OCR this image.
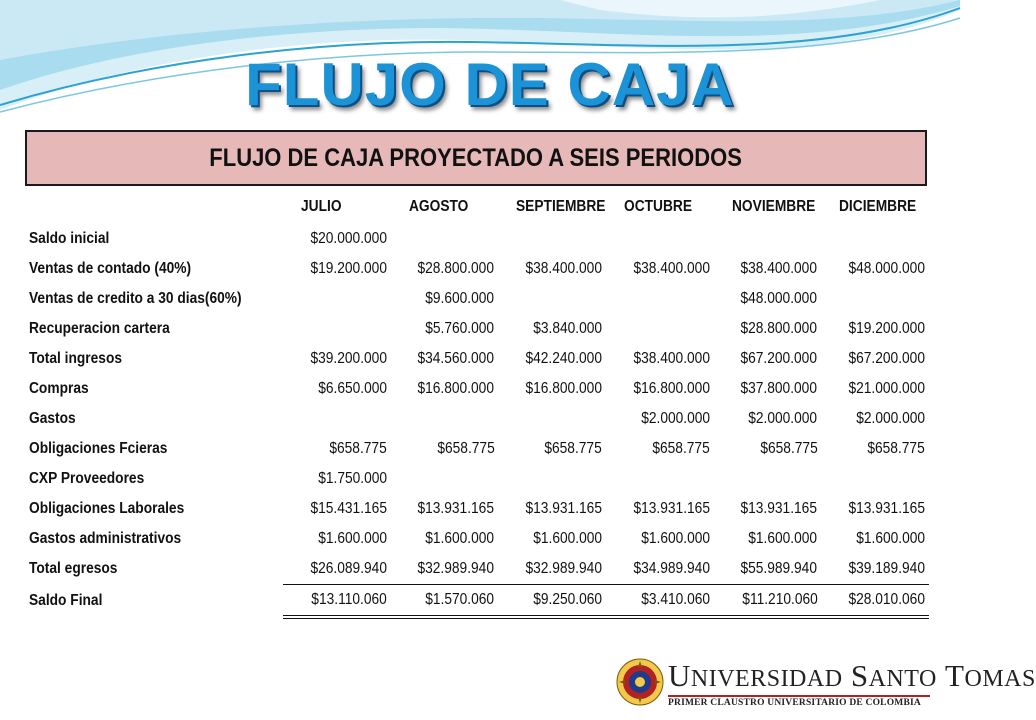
FLUJO DE CAJA
FLUJO DE CAJA PROYECTADO A SEIS PERIODOS
	JULIO	AGOSTO	SEPTIEMBRE	OCTUBRE	NOVIEMBRE	DICIEMBRE
Saldo inicial	$20.000.000					
Ventas de contado (40%)	$19.200.000	$28.800.000	$38.400.000	$38.400.000	$38.400.000	$48.000.000
Ventas de credito a 30 dias(60%)		$9.600.000			$48.000.000	
Recuperacion cartera		$5.760.000	$3.840.000		$28.800.000	$19.200.000
Total ingresos	$39.200.000	$34.560.000	$42.240.000	$38.400.000	$67.200.000	$67.200.000
Compras	$6.650.000	$16.800.000	$16.800.000	$16.800.000	$37.800.000	$21.000.000
Gastos				$2.000.000	$2.000.000	$2.000.000
Obligaciones Fcieras	$658.775	$658.775	$658.775	$658.775	$658.775	$658.775
CXP Proveedores	$1.750.000					
Obligaciones Laborales	$15.431.165	$13.931.165	$13.931.165	$13.931.165	$13.931.165	$13.931.165
Gastos administrativos	$1.600.000	$1.600.000	$1.600.000	$1.600.000	$1.600.000	$1.600.000
Total egresos	$26.089.940	$32.989.940	$32.989.940	$34.989.940	$55.989.940	$39.189.940
Saldo Final	$13.110.060	$1.570.060	$9.250.060	$3.410.060	$11.210.060	$28.010.060
UNIVERSIDAD SANTO TOMAS
PRIMER CLAUSTRO UNIVERSITARIO DE COLOMBIA
